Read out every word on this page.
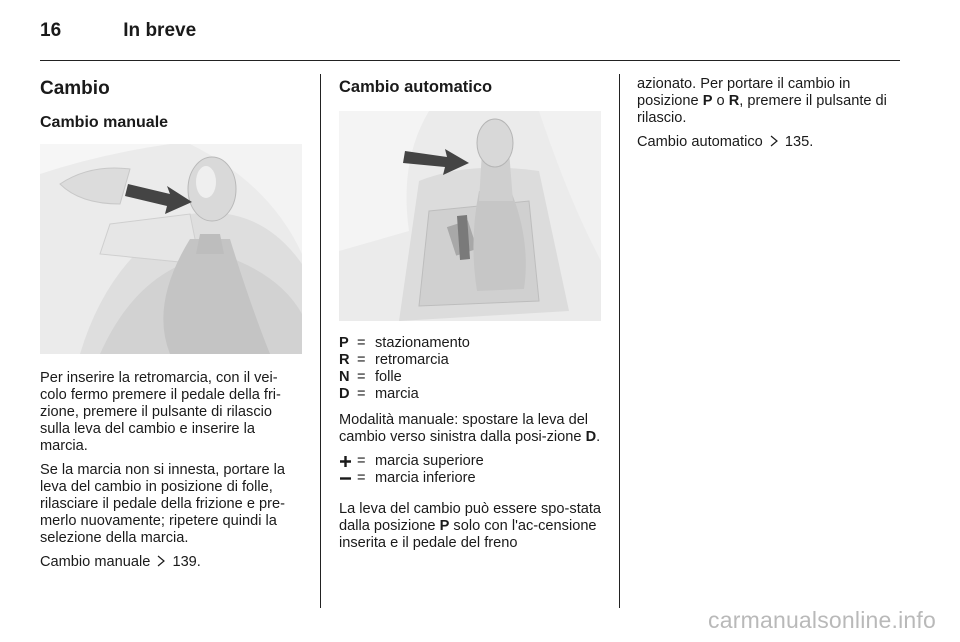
16	In breve
Cambio
Cambio manuale

Per inserire la retromarcia, con il vei-colo fermo premere il pedale della fri-zione, premere il pulsante di rilascio sulla leva del cambio e inserire la marcia.

Se la marcia non si innesta, portare la leva del cambio in posizione di folle, rilasciare il pedale della frizione e pre-merlo nuovamente; ripetere quindi la selezione della marcia.

Cambio manuale 139.

Cambio automatico
P = stazionamento
R = retromarcia
N = folle
D = marcia

Modalità manuale: spostare la leva del cambio verso sinistra dalla posi-zione D.

= marcia superiore
= marcia inferiore

La leva del cambio può essere spo-stata dalla posizione P solo con l'ac-censione inserita e il pedale del freno

azionato. Per portare il cambio in posizione P o R, premere il pulsante di rilascio.

Cambio automatico 135.

carmanualsonline.info
